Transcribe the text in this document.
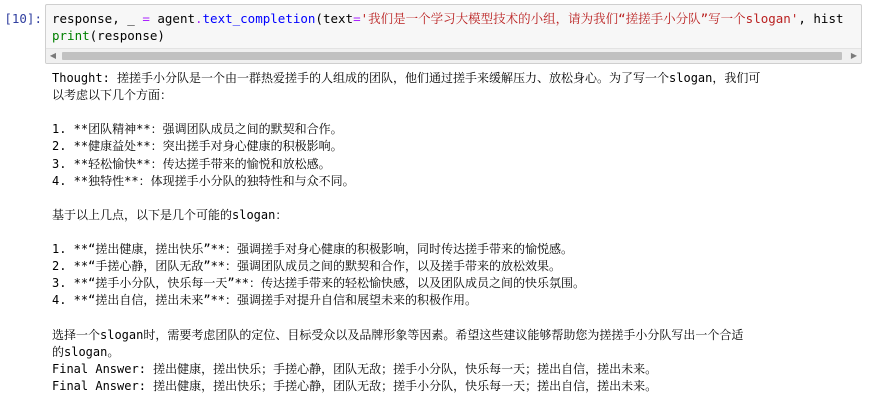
[10]: response, _ = agent.text_completion(text='我们是一个学习大模型技术的小组，请为我们“搓搓手小分队”写一个slogan', hist
print(response)
◀	▶
Thought: 搓搓手小分队是一个由一群热爱搓手的人组成的团队，他们通过搓手来缓解压力、放松身心。为了写一个slogan，我们可
以考虑以下几个方面：
1. **团队精神**：强调团队成员之间的默契和合作。
2. **健康益处**：突出搓手对身心健康的积极影响。
3. **轻松愉快**：传达搓手带来的愉悦和放松感。
4. **独特性**：体现搓手小分队的独特性和与众不同。
基于以上几点，以下是几个可能的slogan：
1. **“搓出健康，搓出快乐”**：强调搓手对身心健康的积极影响，同时传达搓手带来的愉悦感。
2. **“手搓心静，团队无敌”**：强调团队成员之间的默契和合作，以及搓手带来的放松效果。
3. **“搓手小分队，快乐每一天”**：传达搓手带来的轻松愉快感，以及团队成员之间的快乐氛围。
4. **“搓出自信，搓出未来”**：强调搓手对提升自信和展望未来的积极作用。
选择一个slogan时，需要考虑团队的定位、目标受众以及品牌形象等因素。希望这些建议能够帮助您为搓搓手小分队写出一个合适
的slogan。
Final Answer: 搓出健康，搓出快乐；手搓心静，团队无敌；搓手小分队，快乐每一天；搓出自信，搓出未来。
Final Answer: 搓出健康，搓出快乐；手搓心静，团队无敌；搓手小分队，快乐每一天；搓出自信，搓出未来。
